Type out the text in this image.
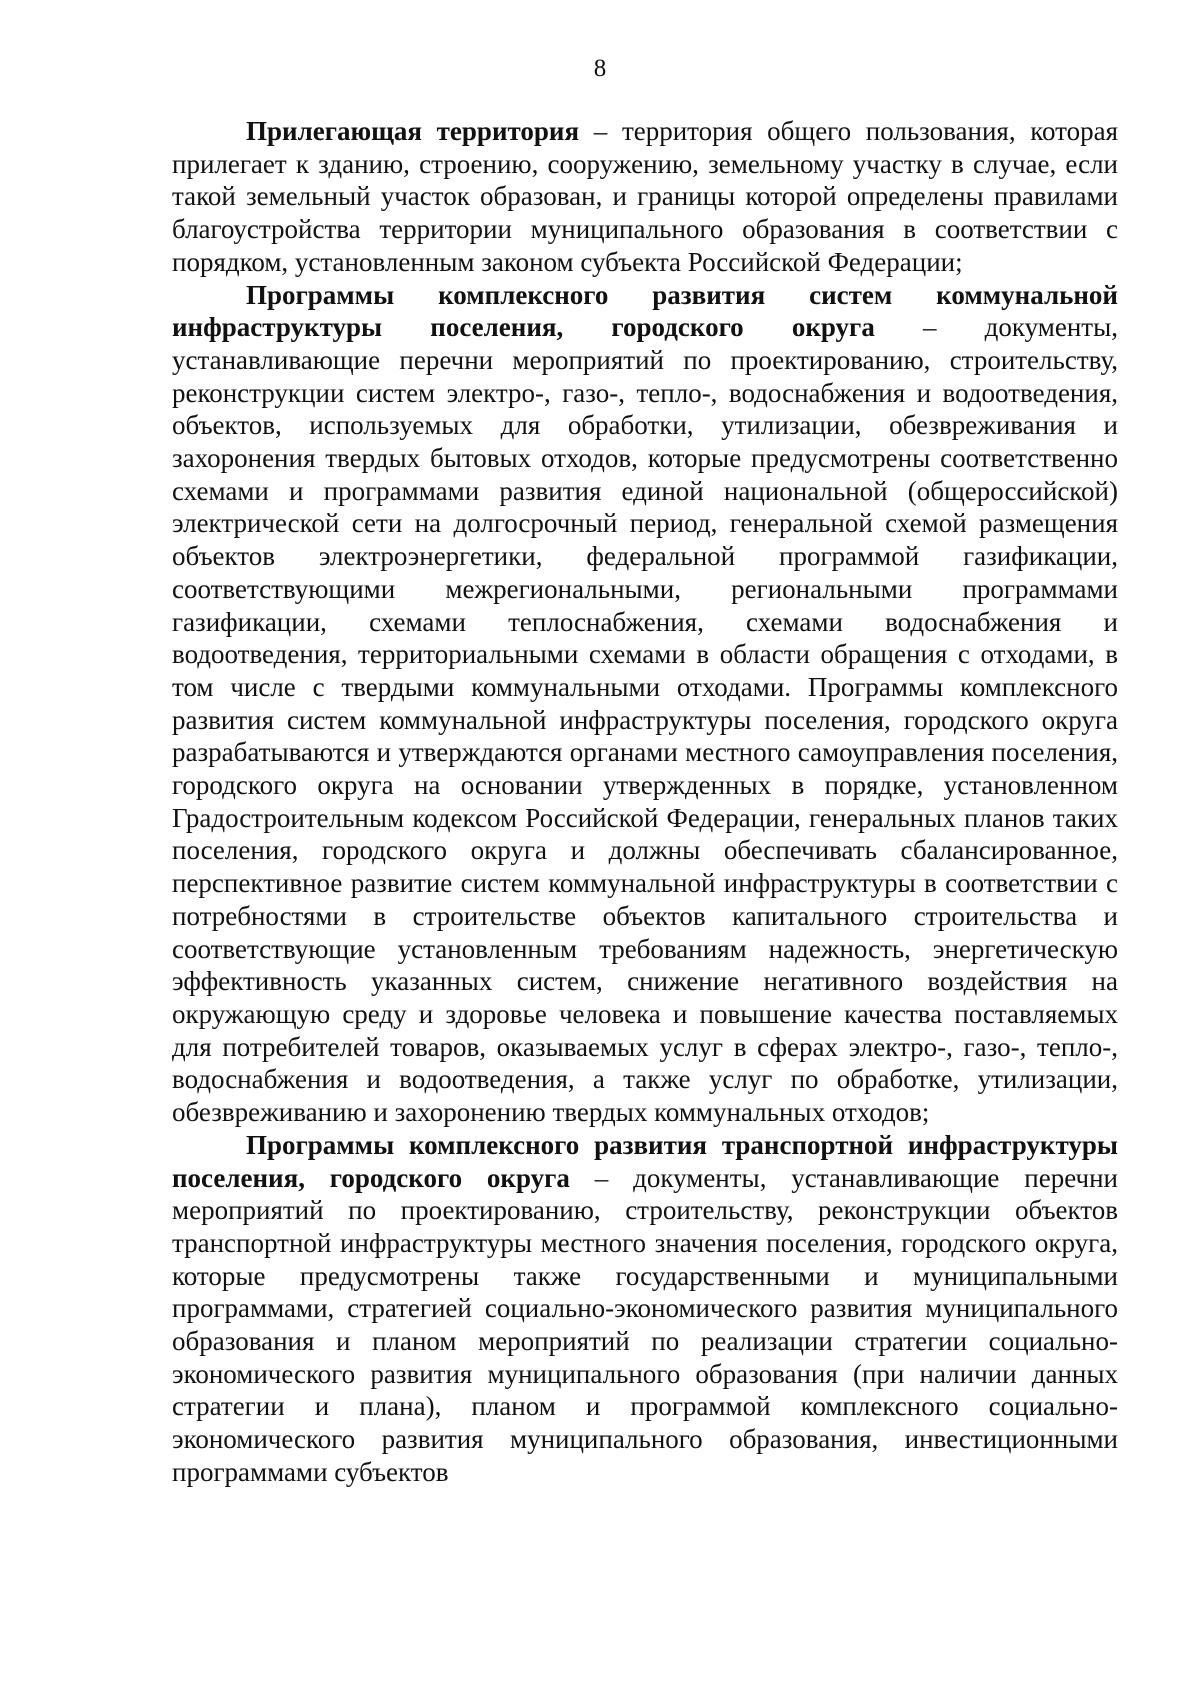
8

Прилегающая территория – территория общего пользования, которая прилегает к зданию, строению, сооружению, земельному участку в случае, если такой земельный участок образован, и границы которой определены правилами благоустройства территории муниципального образования в соответствии с порядком, установленным законом субъекта Российской Федерации;

Программы комплексного развития систем коммунальной инфраструктуры поселения, городского округа – документы, устанавливающие перечни мероприятий по проектированию, строительству, реконструкции систем электро-, газо-, тепло-, водоснабжения и водоотведения, объектов, используемых для обработки, утилизации, обезвреживания и захоронения твердых бытовых отходов, которые предусмотрены соответственно схемами и программами развития единой национальной (общероссийской) электрической сети на долгосрочный период, генеральной схемой размещения объектов электроэнергетики, федеральной программой газификации, соответствующими межрегиональными, региональными программами газификации, схемами теплоснабжения, схемами водоснабжения и водоотведения, территориальными схемами в области обращения с отходами, в том числе с твердыми коммунальными отходами. Программы комплексного развития систем коммунальной инфраструктуры поселения, городского округа разрабатываются и утверждаются органами местного самоуправления поселения, городского округа на основании утвержденных в порядке, установленном Градостроительным кодексом Российской Федерации, генеральных планов таких поселения, городского округа и должны обеспечивать сбалансированное, перспективное развитие систем коммунальной инфраструктуры в соответствии с потребностями в строительстве объектов капитального строительства и соответствующие установленным требованиям надежность, энергетическую эффективность указанных систем, снижение негативного воздействия на окружающую среду и здоровье человека и повышение качества поставляемых для потребителей товаров, оказываемых услуг в сферах электро-, газо-, тепло-, водоснабжения и водоотведения, а также услуг по обработке, утилизации, обезвреживанию и захоронению твердых коммунальных отходов;

Программы комплексного развития транспортной инфраструктуры поселения, городского округа – документы, устанавливающие перечни мероприятий по проектированию, строительству, реконструкции объектов транспортной инфраструктуры местного значения поселения, городского округа, которые предусмотрены также государственными и муниципальными программами, стратегией социально-экономического развития муниципального образования и планом мероприятий по реализации стратегии социально-экономического развития муниципального образования (при наличии данных стратегии и плана), планом и программой комплексного социально-экономического развития муниципального образования, инвестиционными программами субъектов
